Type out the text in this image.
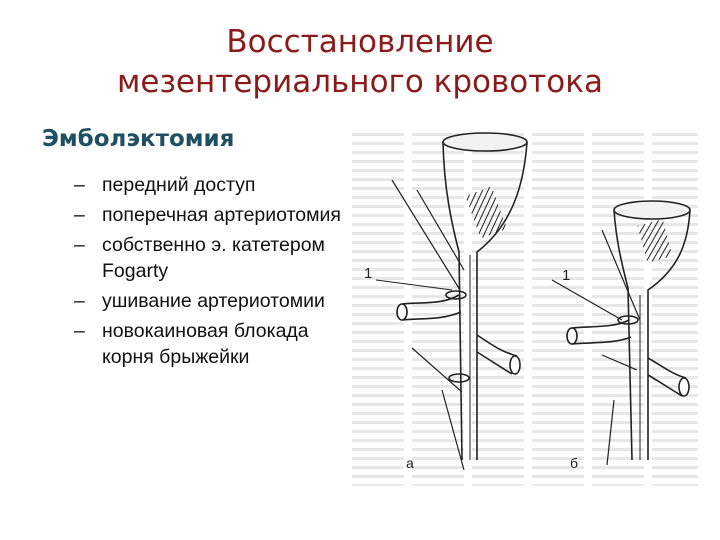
Восстановление
мезентериального кровотока
Эмболэктомия
– передний доступ
– поперечная артериотомия
– собственно э. катетером Fogarty
– ушивание артериотомии
– новокаиновая блокада корня брыжейки
1	1
а	б
